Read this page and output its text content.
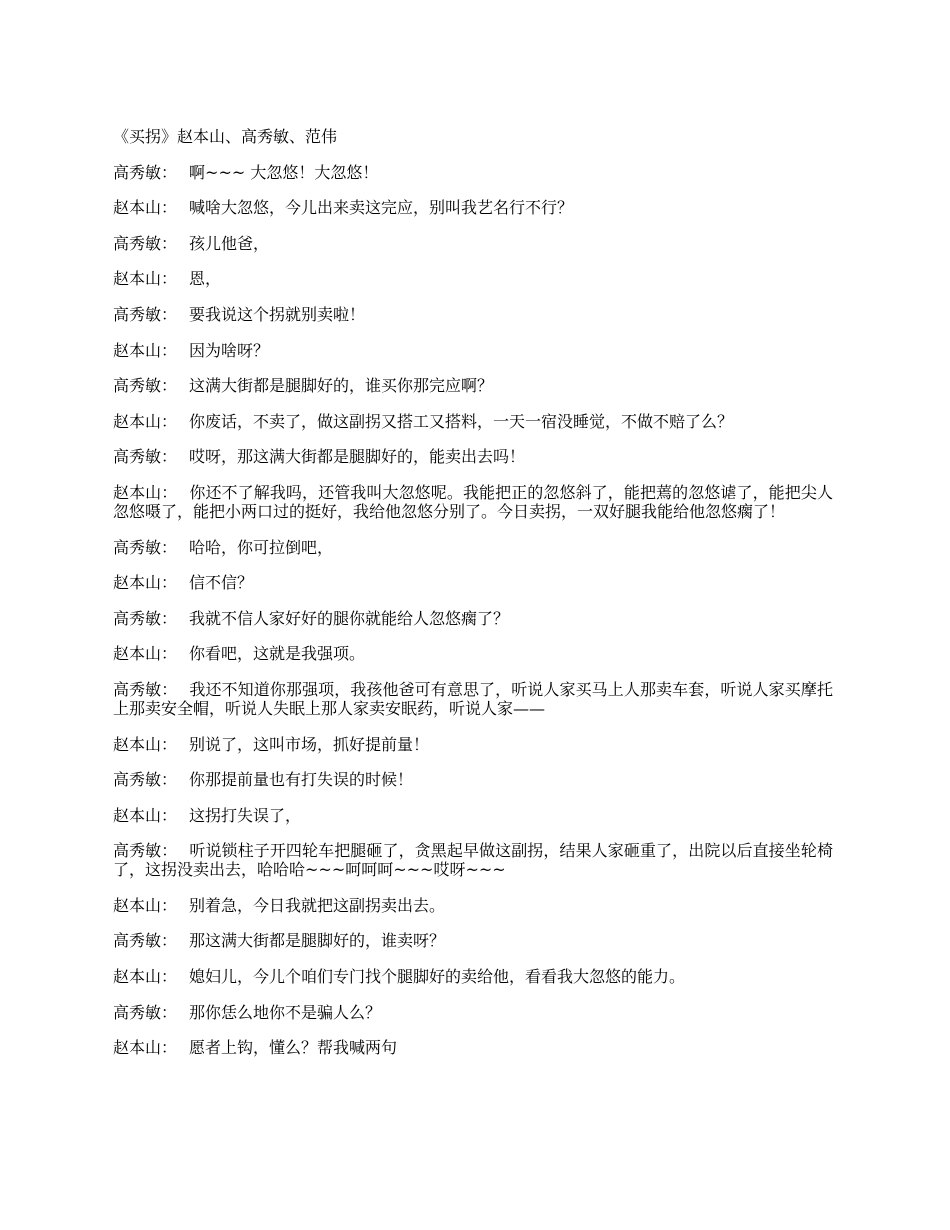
《买拐》赵本山、高秀敏、范伟

高秀敏 ： 啊~~~ 大忽悠！大忽悠！
赵本山 ： 喊啥大忽悠，今儿出来卖这完应，别叫我艺名行不行？
高秀敏 ： 孩儿他爸，
赵本山 ： 恩，
高秀敏 ： 要我说这个拐就别卖啦！
赵本山 ： 因为啥呀？
高秀敏 ： 这满大街都是腿脚好的，谁买你那完应啊？
赵本山 ： 你废话，不卖了，做这副拐又搭工又搭料，一天一宿没睡觉，不做不赔了么？
高秀敏 ： 哎呀，那这满大街都是腿脚好的，能卖出去吗！
赵本山： 你还不了解我吗，还管我叫大忽悠呢。我能把正的忽悠斜了，能把蔫的忽悠谑了，能把尖人忽悠嗫了，能把小两口过的挺好，我给他忽悠分别了。今日卖拐，一双好腿我能给他忽悠瘸了！
高秀敏 ： 哈哈，你可拉倒吧，
赵本山 ： 信不信？
高秀敏 ： 我就不信人家好好的腿你就能给人忽悠瘸了？
赵本山 ： 你看吧，这就是我强项。
高秀敏： 我还不知道你那强项，我孩他爸可有意思了，听说人家买马上人那卖车套，听说人家买摩托上那卖安全帽，听说人失眠上那人家卖安眠药，听说人家——
赵本山 ： 别说了，这叫市场，抓好提前量！
高秀敏 ： 你那提前量也有打失误的时候！
赵本山 ： 这拐打失误了，
高秀敏： 听说锁柱子开四轮车把腿砸了，贪黑起早做这副拐，结果人家砸重了，出院以后直接坐轮椅了，这拐没卖出去，哈哈哈~~~呵呵呵~~~哎呀~~~
赵本山 ： 别着急，今日我就把这副拐卖出去。
高秀敏 ： 那这满大街都是腿脚好的，谁卖呀？
赵本山 ： 媳妇儿，今儿个咱们专门找个腿脚好的卖给他，看看我大忽悠的能力。
高秀敏 ： 那你恁么地你不是骗人么？
赵本山 ： 愿者上钩，懂么？帮我喊两句
